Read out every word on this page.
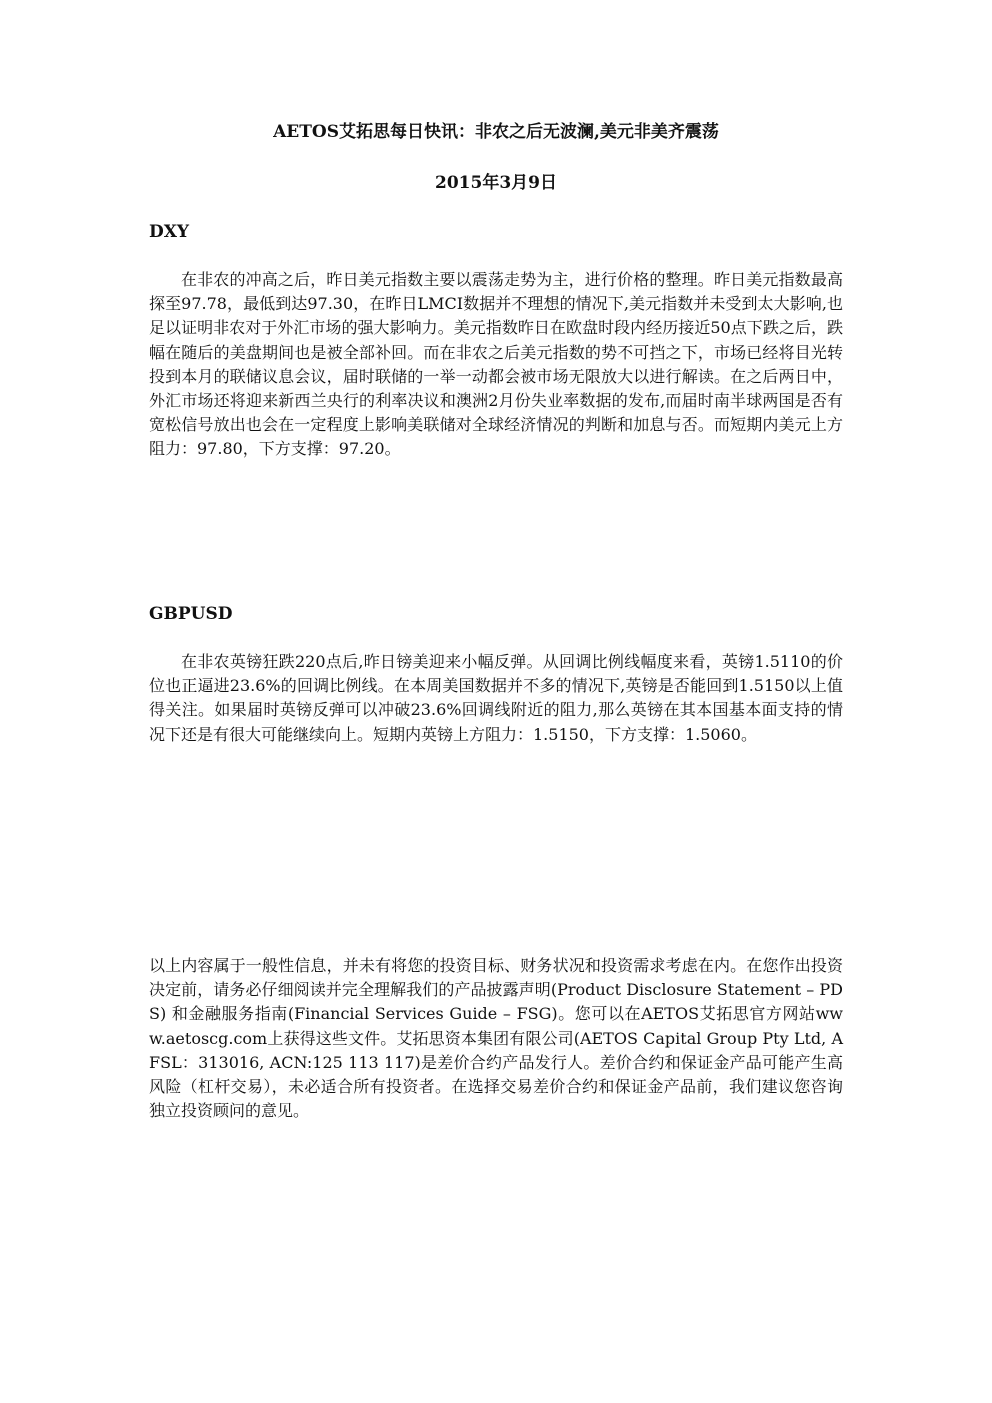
AETOS艾拓思每日快讯：非农之后无波澜,美元非美齐震荡
2015年3月9日
DXY

在非农的冲高之后，昨日美元指数主要以震荡走势为主，进行价格的整理。昨日美元指数最高探至97.78，最低到达97.30，在昨日LMCI数据并不理想的情况下,美元指数并未受到太大影响,也足以证明非农对于外汇市场的强大影响力。美元指数昨日在欧盘时段内经历接近50点下跌之后，跌幅在随后的美盘期间也是被全部补回。而在非农之后美元指数的势不可挡之下，市场已经将目光转投到本月的联储议息会议，届时联储的一举一动都会被市场无限放大以进行解读。在之后两日中，外汇市场还将迎来新西兰央行的利率决议和澳洲2月份失业率数据的发布,而届时南半球两国是否有宽松信号放出也会在一定程度上影响美联储对全球经济情况的判断和加息与否。而短期内美元上方阻力：97.80，下方支撑：97.20。

GBPUSD

在非农英镑狂跌220点后,昨日镑美迎来小幅反弹。从回调比例线幅度来看，英镑1.5110的价位也正逼进23.6%的回调比例线。在本周美国数据并不多的情况下,英镑是否能回到1.5150以上值得关注。如果届时英镑反弹可以冲破23.6%回调线附近的阻力,那么英镑在其本国基本面支持的情况下还是有很大可能继续向上。短期内英镑上方阻力：1.5150，下方支撑：1.5060。

以上内容属于一般性信息，并未有将您的投资目标、财务状况和投资需求考虑在内。在您作出投资决定前，请务必仔细阅读并完全理解我们的产品披露声明(Product Disclosure Statement – PDS) 和金融服务指南(Financial Services Guide – FSG)。您可以在AETOS艾拓思官方网站www.aetoscg.com上获得这些文件。艾拓思资本集团有限公司(AETOS Capital Group Pty Ltd, AFSL：313016, ACN:125 113 117)是差价合约产品发行人。差价合约和保证金产品可能产生高风险（杠杆交易），未必适合所有投资者。在选择交易差价合约和保证金产品前，我们建议您咨询独立投资顾问的意见。
